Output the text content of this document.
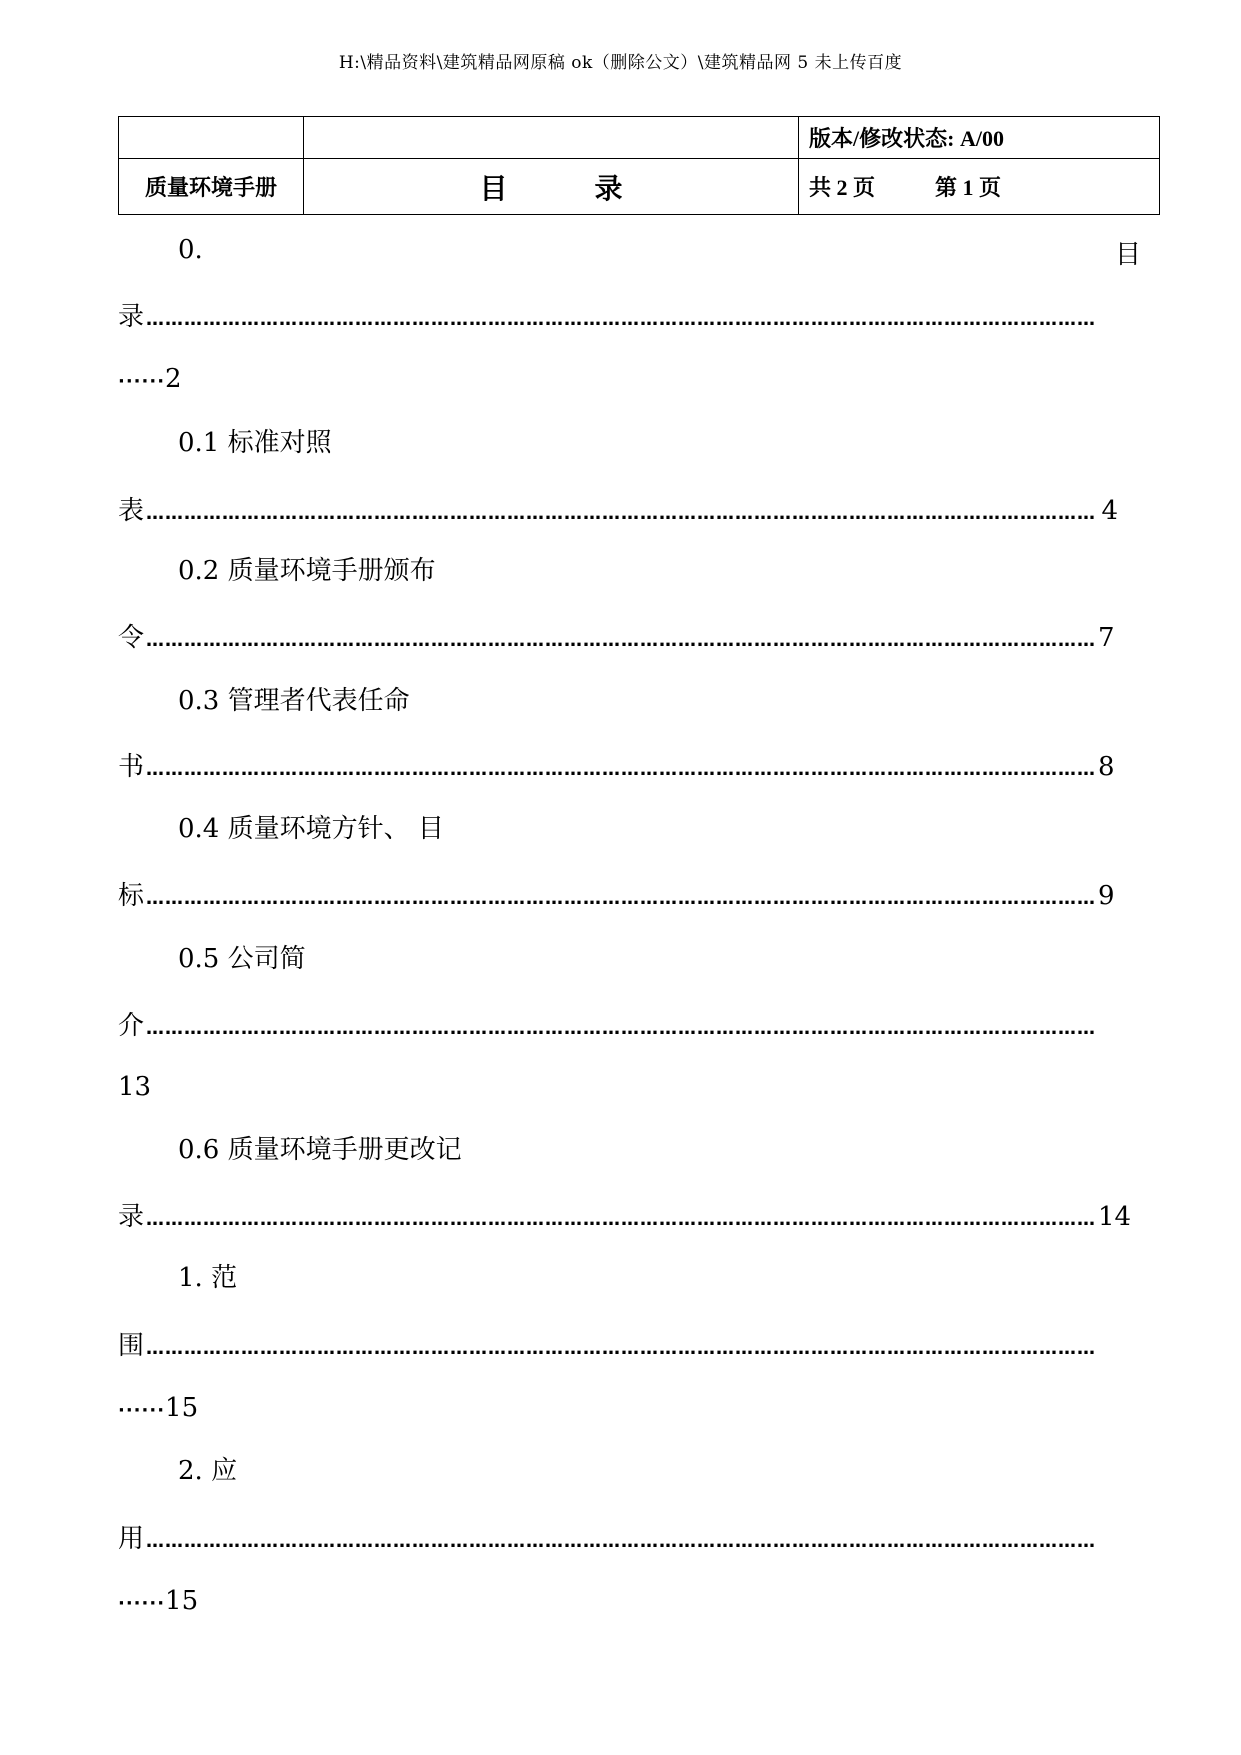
H:\精品资料\建筑精品网原稿 ok（删除公文）\建筑精品网 5 未上传百度
		版本/修改状态: A/00
质量环境手册	目 录	共 2 页 第 1 页
0.	目
录 ……………………………………………………………………………………………………………………………………
······2
0.1 标准对照
表 …………………………………………………………………………………………………………………………………… 4
0.2 质量环境手册颁布
令 …………………………………………………………………………………………………………………………………… 7
0.3 管理者代表任命
书 …………………………………………………………………………………………………………………………………… 8
0.4 质量环境方针、 目
标 …………………………………………………………………………………………………………………………………… 9
0.5 公司简
介 ……………………………………………………………………………………………………………………………………
13
0.6 质量环境手册更改记
录 …………………………………………………………………………………………………………………………………… 14
1. 范
围 ……………………………………………………………………………………………………………………………………
······15
2. 应
用 ……………………………………………………………………………………………………………………………………
······15
